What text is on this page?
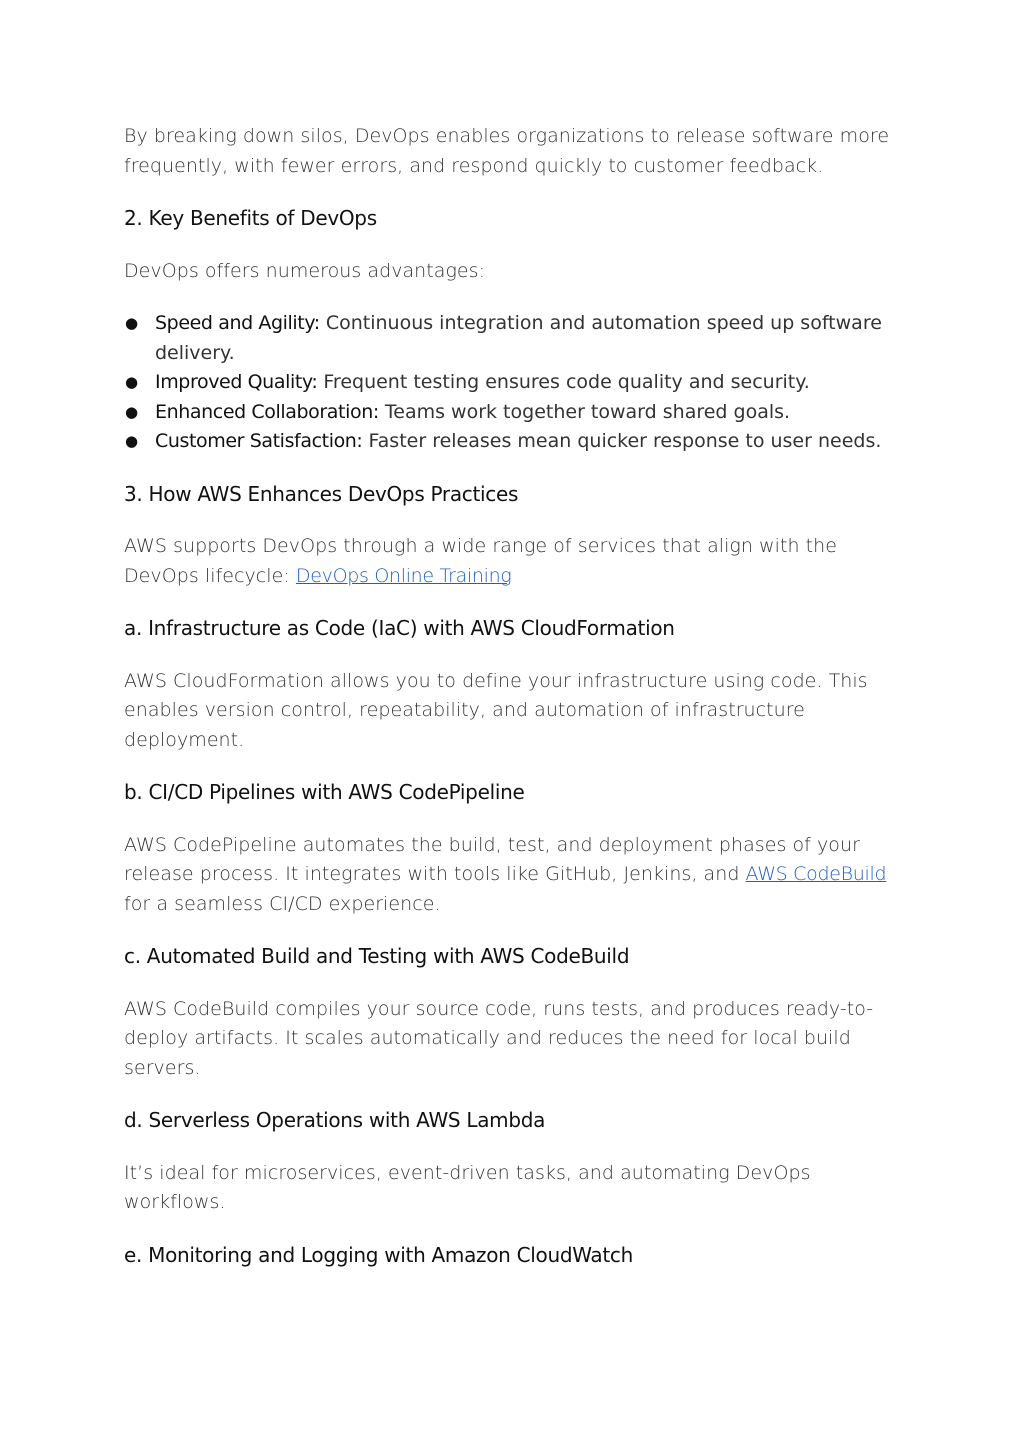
By breaking down silos, DevOps enables organizations to release software more frequently, with fewer errors, and respond quickly to customer feedback.

2. Key Benefits of DevOps

DevOps offers numerous advantages:

● Speed and Agility: Continuous integration and automation speed up software delivery.
● Improved Quality: Frequent testing ensures code quality and security.
● Enhanced Collaboration: Teams work together toward shared goals.
● Customer Satisfaction: Faster releases mean quicker response to user needs.
3. How AWS Enhances DevOps Practices

AWS supports DevOps through a wide range of services that align with the DevOps lifecycle: DevOps Online Training

a. Infrastructure as Code (IaC) with AWS CloudFormation

AWS CloudFormation allows you to define your infrastructure using code. This enables version control, repeatability, and automation of infrastructure deployment.

b. CI/CD Pipelines with AWS CodePipeline

AWS CodePipeline automates the build, test, and deployment phases of your release process. It integrates with tools like GitHub, Jenkins, and AWS CodeBuild for a seamless CI/CD experience.

c. Automated Build and Testing with AWS CodeBuild

AWS CodeBuild compiles your source code, runs tests, and produces ready-to-deploy artifacts. It scales automatically and reduces the need for local build servers.

d. Serverless Operations with AWS Lambda

It’s ideal for microservices, event-driven tasks, and automating DevOps workflows.

e. Monitoring and Logging with Amazon CloudWatch
